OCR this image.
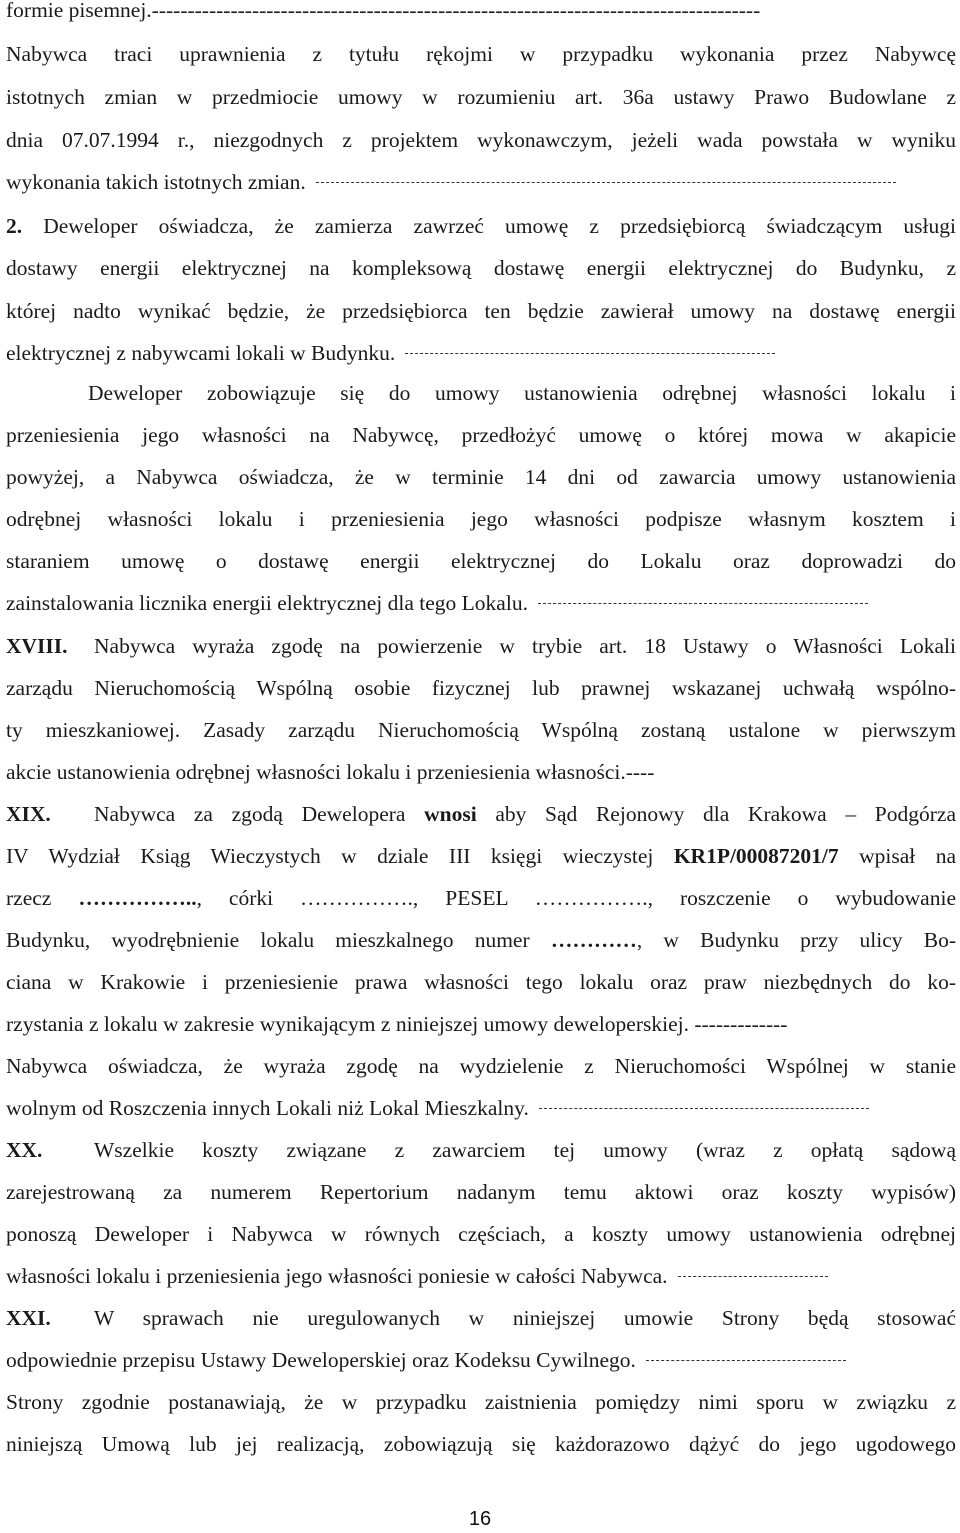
formie pisemnej.-------------------------------------------------------------------------------------
Nabywca traci uprawnienia z tytułu rękojmi w przypadku wykonania przez Nabywcę
istotnych zmian w przedmiocie umowy w rozumieniu art. 36a ustawy Prawo Budowlane z
dnia 07.07.1994 r., niezgodnych z projektem wykonawczym, jeżeli wada powstała w wyniku
wykonania takich istotnych zmian.
2. Deweloper oświadcza, że zamierza zawrzeć umowę z przedsiębiorcą świadczącym usługi
dostawy energii elektrycznej na kompleksową dostawę energii elektrycznej do Budynku, z
której nadto wynikać będzie, że przedsiębiorca ten będzie zawierał umowy na dostawę energii
elektrycznej z nabywcami lokali w Budynku.
Deweloper zobowiązuje się do umowy ustanowienia odrębnej własności lokalu i
przeniesienia jego własności na Nabywcę, przedłożyć umowę o której mowa w akapicie
powyżej, a Nabywca oświadcza, że w terminie 14 dni od zawarcia umowy ustanowienia
odrębnej własności lokalu i przeniesienia jego własności podpisze własnym kosztem i
staraniem umowę o dostawę energii elektrycznej do Lokalu oraz doprowadzi do
zainstalowania licznika energii elektrycznej dla tego Lokalu.
XVIII. Nabywca wyraża zgodę na powierzenie w trybie art. 18 Ustawy o Własności Lokali
zarządu Nieruchomością Wspólną osobie fizycznej lub prawnej wskazanej uchwałą wspólno-
ty mieszkaniowej. Zasady zarządu Nieruchomością Wspólną zostaną ustalone w pierwszym
akcie ustanowienia odrębnej własności lokalu i przeniesienia własności.----
XIX. Nabywca za zgodą Dewelopera wnosi aby Sąd Rejonowy dla Krakowa – Podgórza
IV Wydział Ksiąg Wieczystych w dziale III księgi wieczystej KR1P/00087201/7 wpisał na
rzecz …………….., córki ……………., PESEL ……………., roszczenie o wybudowanie
Budynku, wyodrębnienie lokalu mieszkalnego numer …………, w Budynku przy ulicy Bo-
ciana w Krakowie i przeniesienie prawa własności tego lokalu oraz praw niezbędnych do ko-
rzystania z lokalu w zakresie wynikającym z niniejszej umowy deweloperskiej. -------------
Nabywca oświadcza, że wyraża zgodę na wydzielenie z Nieruchomości Wspólnej w stanie
wolnym od Roszczenia innych Lokali niż Lokal Mieszkalny.
XX. Wszelkie koszty związane z zawarciem tej umowy (wraz z opłatą sądową
zarejestrowaną za numerem Repertorium nadanym temu aktowi oraz koszty wypisów)
ponoszą Deweloper i Nabywca w równych częściach, a koszty umowy ustanowienia odrębnej
własności lokalu i przeniesienia jego własności poniesie w całości Nabywca.
XXI. W sprawach nie uregulowanych w niniejszej umowie Strony będą stosować
odpowiednie przepisu Ustawy Deweloperskiej oraz Kodeksu Cywilnego.
Strony zgodnie postanawiają, że w przypadku zaistnienia pomiędzy nimi sporu w związku z
niniejszą Umową lub jej realizacją, zobowiązują się każdorazowo dążyć do jego ugodowego
16
